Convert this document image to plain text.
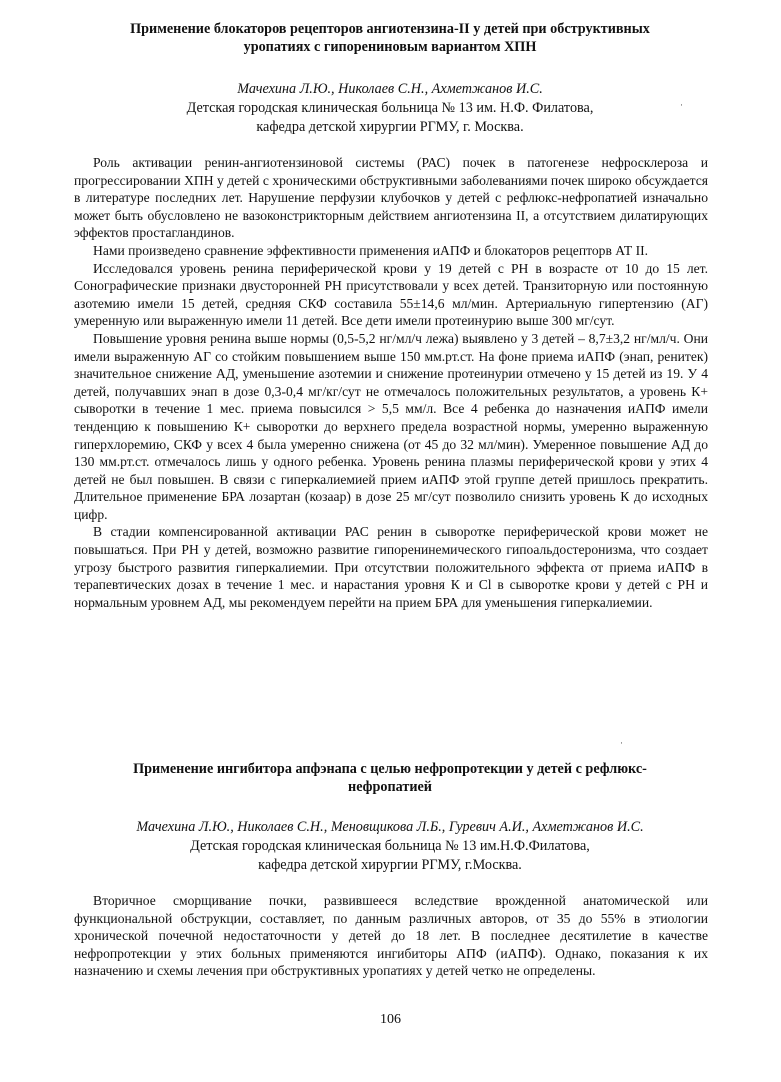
Применение блокаторов рецепторов ангиотензина-II у детей при обструктивных
уропатиях с гипорениновым вариантом ХПН
Мачехина Л.Ю., Николаев С.Н., Ахметжанов И.С.
Детская городская клиническая больница № 13 им. Н.Ф. Филатова,
кафедра детской хирургии РГМУ, г. Москва.

Роль активации ренин-ангиотензиновой системы (РАС) почек в патогенезе нефросклероза и прогрессировании ХПН у детей с хроническими обструктивными заболеваниями почек широко обсуждается в литературе последних лет. Нарушение перфузии клубочков у детей с рефлюкс-нефропатией изначально может быть обусловлено не вазоконстрикторным действием ангиотензина II, а отсутствием дилатирующих эффектов простагландинов.

Нами произведено сравнение эффективности применения иАПФ и блокаторов рецепторв АТ II.

Исследовался уровень ренина периферической крови у 19 детей с РН в возрасте от 10 до 15 лет. Сонографические признаки двусторонней РН присутствовали у всех детей. Транзиторную или постоянную азотемию имели 15 детей, средняя СКФ составила 55±14,6 мл/мин. Артериальную гипертензию (АГ) умеренную или выраженную имели 11 детей. Все дети имели протеинурию выше 300 мг/сут.

Повышение уровня ренина выше нормы (0,5-5,2 нг/мл/ч лежа) выявлено у 3 детей – 8,7±3,2 нг/мл/ч. Они имели выраженную АГ со стойким повышением выше 150 мм.рт.ст. На фоне приема иАПФ (энап, ренитек) значительное снижение АД, уменьшение азотемии и снижение протеинурии отмечено у 15 детей из 19. У 4 детей, получавших энап в дозе 0,3-0,4 мг/кг/сут не отмечалось положительных результатов, а уровень К+ сыворотки в течение 1 мес. приема повысился > 5,5 мм/л. Все 4 ребенка до назначения иАПФ имели тенденцию к повышению К+ сыворотки до верхнего предела возрастной нормы, умеренно выраженную гиперхлоремию, СКФ у всех 4 была умеренно снижена (от 45 до 32 мл/мин). Умеренное повышение АД до 130 мм.рт.ст. отмечалось лишь у одного ребенка. Уровень ренина плазмы периферической крови у этих 4 детей не был повышен. В связи с гиперкалиемией прием иАПФ этой группе детей пришлось прекратить. Длительное применение БРА лозартан (козаар) в дозе 25 мг/сут позволило снизить уровень К до исходных цифр.

В стадии компенсированной активации РАС ренин в сыворотке периферической крови может не повышаться. При РН у детей, возможно развитие гипоренинемического гипоальдостеронизма, что создает угрозу быстрого развития гиперкалиемии. При отсутствии положительного эффекта от приема иАПФ в терапевтических дозах в течение 1 мес. и нарастания уровня К и Cl в сыворотке крови у детей с РН и нормальным уровнем АД, мы рекомендуем перейти на прием БРА для уменьшения гиперкалиемии.

Применение ингибитора апфэнапа с целью нефропротекции у детей с рефлюкс-
нефропатией
Мачехина Л.Ю., Николаев С.Н., Меновщикова Л.Б., Гуревич А.И., Ахметжанов И.С.
Детская городская клиническая больница № 13 им.Н.Ф.Филатова,
кафедра детской хирургии РГМУ, г.Москва.

Вторичное сморщивание почки, развившееся вследствие врожденной анатомической или функциональной обструкции, составляет, по данным различных авторов, от 35 до 55% в этиологии хронической почечной недостаточности у детей до 18 лет. В последнее десятилетие в качестве нефропротекции у этих больных применяются ингибиторы АПФ (иАПФ). Однако, показания к их назначению и схемы лечения при обструктивных уропатиях у детей четко не определены.

106
·
·
